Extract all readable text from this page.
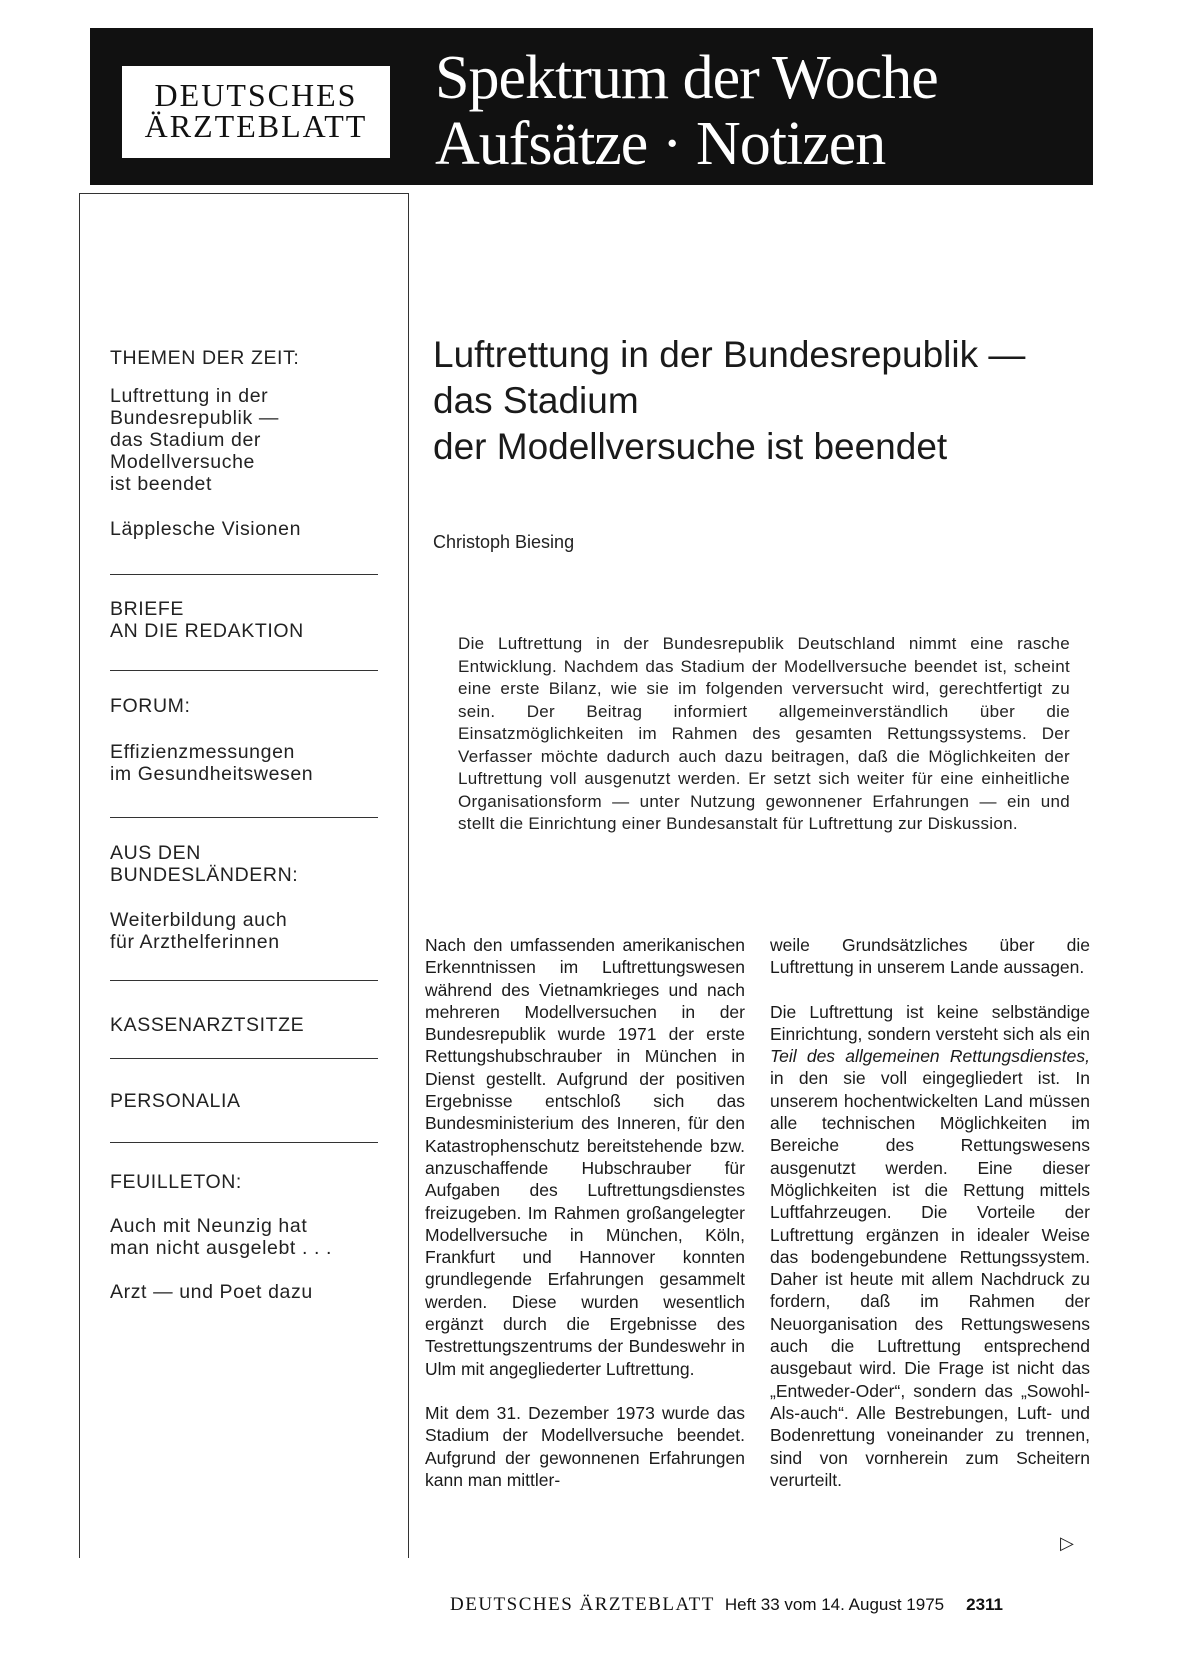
DEUTSCHES
ÄRZTEBLATT
Spektrum der Woche
Aufsätze · Notizen
THEMEN DER ZEIT:
Luftrettung in der
Bundesrepublik —
das Stadium der
Modellversuche
ist beendet
Läpplesche Visionen
BRIEFE
AN DIE REDAKTION
FORUM:
Effizienzmessungen
im Gesundheitswesen
AUS DEN
BUNDESLÄNDERN:
Weiterbildung auch
für Arzthelferinnen
KASSENARZTSITZE
PERSONALIA
FEUILLETON:
Auch mit Neunzig hat
man nicht ausgelebt . . .
Arzt — und Poet dazu
Luftrettung in der Bundesrepublik —
das Stadium
der Modellversuche ist beendet
Christoph Biesing
Die Luftrettung in der Bundesrepublik Deutschland nimmt eine rasche Entwicklung. Nachdem das Stadium der Modellversuche beendet ist, scheint eine erste Bilanz, wie sie im folgenden verversucht wird, gerechtfertigt zu sein. Der Beitrag informiert allgemeinverständlich über die Einsatzmöglichkeiten im Rahmen des gesamten Rettungssystems. Der Verfasser möchte dadurch auch dazu beitragen, daß die Möglichkeiten der Luftrettung voll ausgenutzt werden. Er setzt sich weiter für eine einheitliche Organisationsform — unter Nutzung gewonnener Erfahrungen — ein und stellt die Einrichtung einer Bundesanstalt für Luftrettung zur Diskussion.

Nach den umfassenden amerikanischen Erkenntnissen im Luftrettungswesen während des Vietnamkrieges und nach mehreren Modellversuchen in der Bundesrepublik wurde 1971 der erste Rettungshubschrauber in München in Dienst gestellt. Aufgrund der positiven Ergebnisse entschloß sich das Bundesministerium des Inneren, für den Katastrophenschutz bereitstehende bzw. anzuschaffende Hubschrauber für Aufgaben des Luftrettungsdienstes freizugeben. Im Rahmen großangelegter Modellversuche in München, Köln, Frankfurt und Hannover konnten grundlegende Erfahrungen gesammelt werden. Diese wurden wesentlich ergänzt durch die Ergebnisse des Testrettungszentrums der Bundeswehr in Ulm mit angegliederter Luftrettung.

Mit dem 31. Dezember 1973 wurde das Stadium der Modellversuche beendet. Aufgrund der gewonnenen Erfahrungen kann man mittler-

weile Grundsätzliches über die Luftrettung in unserem Lande aussagen.

Die Luftrettung ist keine selbständige Einrichtung, sondern versteht sich als ein Teil des allgemeinen Rettungsdienstes, in den sie voll eingegliedert ist. In unserem hochentwickelten Land müssen alle technischen Möglichkeiten im Bereiche des Rettungswesens ausgenutzt werden. Eine dieser Möglichkeiten ist die Rettung mittels Luftfahrzeugen. Die Vorteile der Luftrettung ergänzen in idealer Weise das bodengebundene Rettungssystem. Daher ist heute mit allem Nachdruck zu fordern, daß im Rahmen der Neuorganisation des Rettungswesens auch die Luftrettung entsprechend ausgebaut wird. Die Frage ist nicht das „Entweder-Oder“, sondern das „Sowohl-Als-auch“. Alle Bestrebungen, Luft- und Bodenrettung voneinander zu trennen, sind von vornherein zum Scheitern verurteilt.

▷
DEUTSCHES ÄRZTEBLATT Heft 33 vom 14. August 1975 2311
